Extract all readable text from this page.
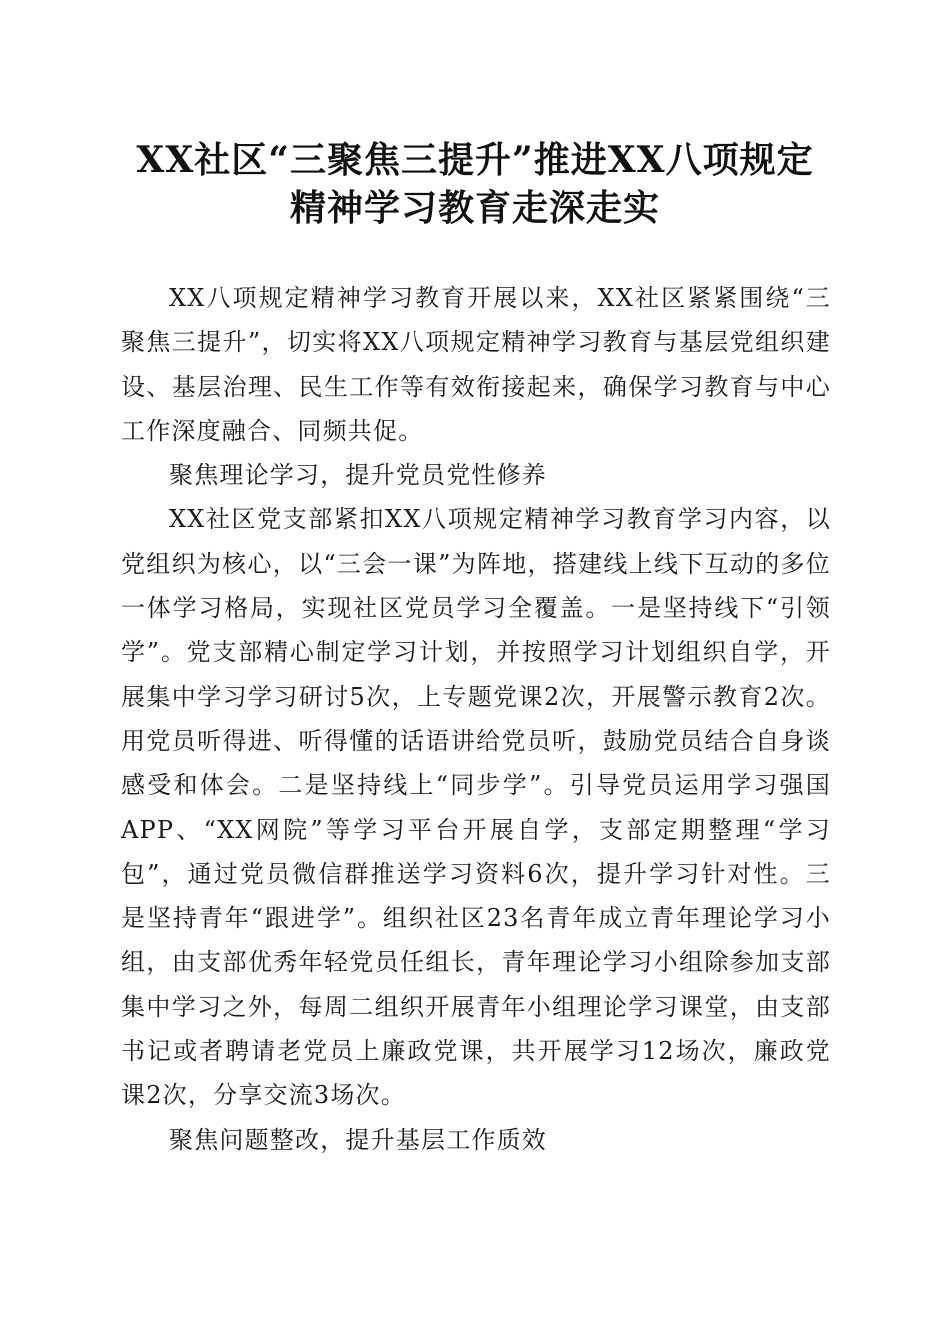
XX社区“三聚焦三提升”推进XX八项规定
精神学习教育走深走实

XX八项规定精神学习教育开展以来，XX社区紧紧围绕“三聚焦三提升”，切实将XX八项规定精神学习教育与基层党组织建设、基层治理、民生工作等有效衔接起来，确保学习教育与中心工作深度融合、同频共促。

聚焦理论学习，提升党员党性修养

XX社区党支部紧扣XX八项规定精神学习教育学习内容，以党组织为核心，以“三会一课”为阵地，搭建线上线下互动的多位一体学习格局，实现社区党员学习全覆盖。一是坚持线下“引领学”。党支部精心制定学习计划，并按照学习计划组织自学，开展集中学习学习研讨5次，上专题党课2次，开展警示教育2次。用党员听得进、听得懂的话语讲给党员听，鼓励党员结合自身谈感受和体会。二是坚持线上“同步学”。引导党员运用学习强国APP、“XX网院”等学习平台开展自学，支部定期整理“学习包”，通过党员微信群推送学习资料6次，提升学习针对性。三是坚持青年“跟进学”。组织社区23名青年成立青年理论学习小组，由支部优秀年轻党员任组长，青年理论学习小组除参加支部集中学习之外，每周二组织开展青年小组理论学习课堂，由支部书记或者聘请老党员上廉政党课，共开展学习12场次，廉政党课2次，分享交流3场次。

聚焦问题整改，提升基层工作质效
